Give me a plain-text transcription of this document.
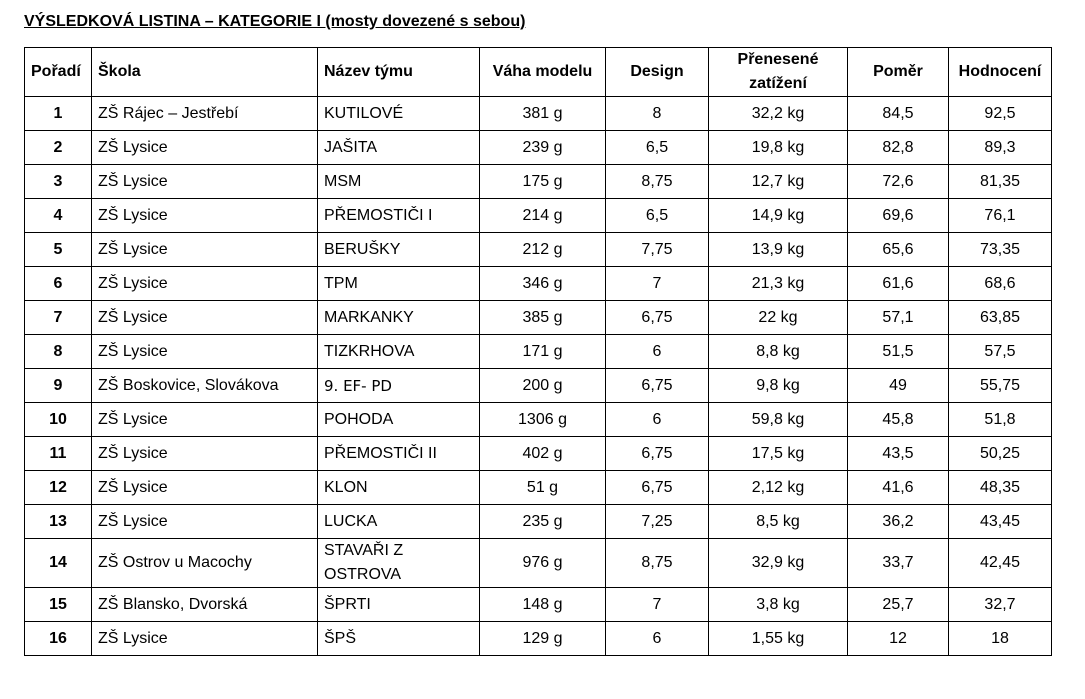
VÝSLEDKOVÁ LISTINA – KATEGORIE I (mosty dovezené s sebou)
Pořadí	Škola	Název týmu	Váha modelu	Design	Přenesené zatížení	Poměr	Hodnocení
1	ZŠ Rájec – Jestřebí	KUTILOVÉ	381 g	8	32,2 kg	84,5	92,5
2	ZŠ Lysice	JAŠITA	239 g	6,5	19,8 kg	82,8	89,3
3	ZŠ Lysice	MSM	175 g	8,75	12,7 kg	72,6	81,35
4	ZŠ Lysice	PŘEMOSTIČI I	214 g	6,5	14,9 kg	69,6	76,1
5	ZŠ Lysice	BERUŠKY	212 g	7,75	13,9 kg	65,6	73,35
6	ZŠ Lysice	TPM	346 g	7	21,3 kg	61,6	68,6
7	ZŠ Lysice	MARKANKY	385 g	6,75	22 kg	57,1	63,85
8	ZŠ Lysice	TIZKRHOVA	171 g	6	8,8 kg	51,5	57,5
9	ZŠ Boskovice, Slovákova	9. EF- PD	200 g	6,75	9,8 kg	49	55,75
10	ZŠ Lysice	POHODA	1306 g	6	59,8 kg	45,8	51,8
11	ZŠ Lysice	PŘEMOSTIČI II	402 g	6,75	17,5 kg	43,5	50,25
12	ZŠ Lysice	KLON	51 g	6,75	2,12 kg	41,6	48,35
13	ZŠ Lysice	LUCKA	235 g	7,25	8,5 kg	36,2	43,45
14	ZŠ Ostrov u Macochy	STAVAŘI Z OSTROVA	976 g	8,75	32,9 kg	33,7	42,45
15	ZŠ Blansko, Dvorská	ŠPRTI	148 g	7	3,8 kg	25,7	32,7
16	ZŠ Lysice	ŠPŠ	129 g	6	1,55 kg	12	18
